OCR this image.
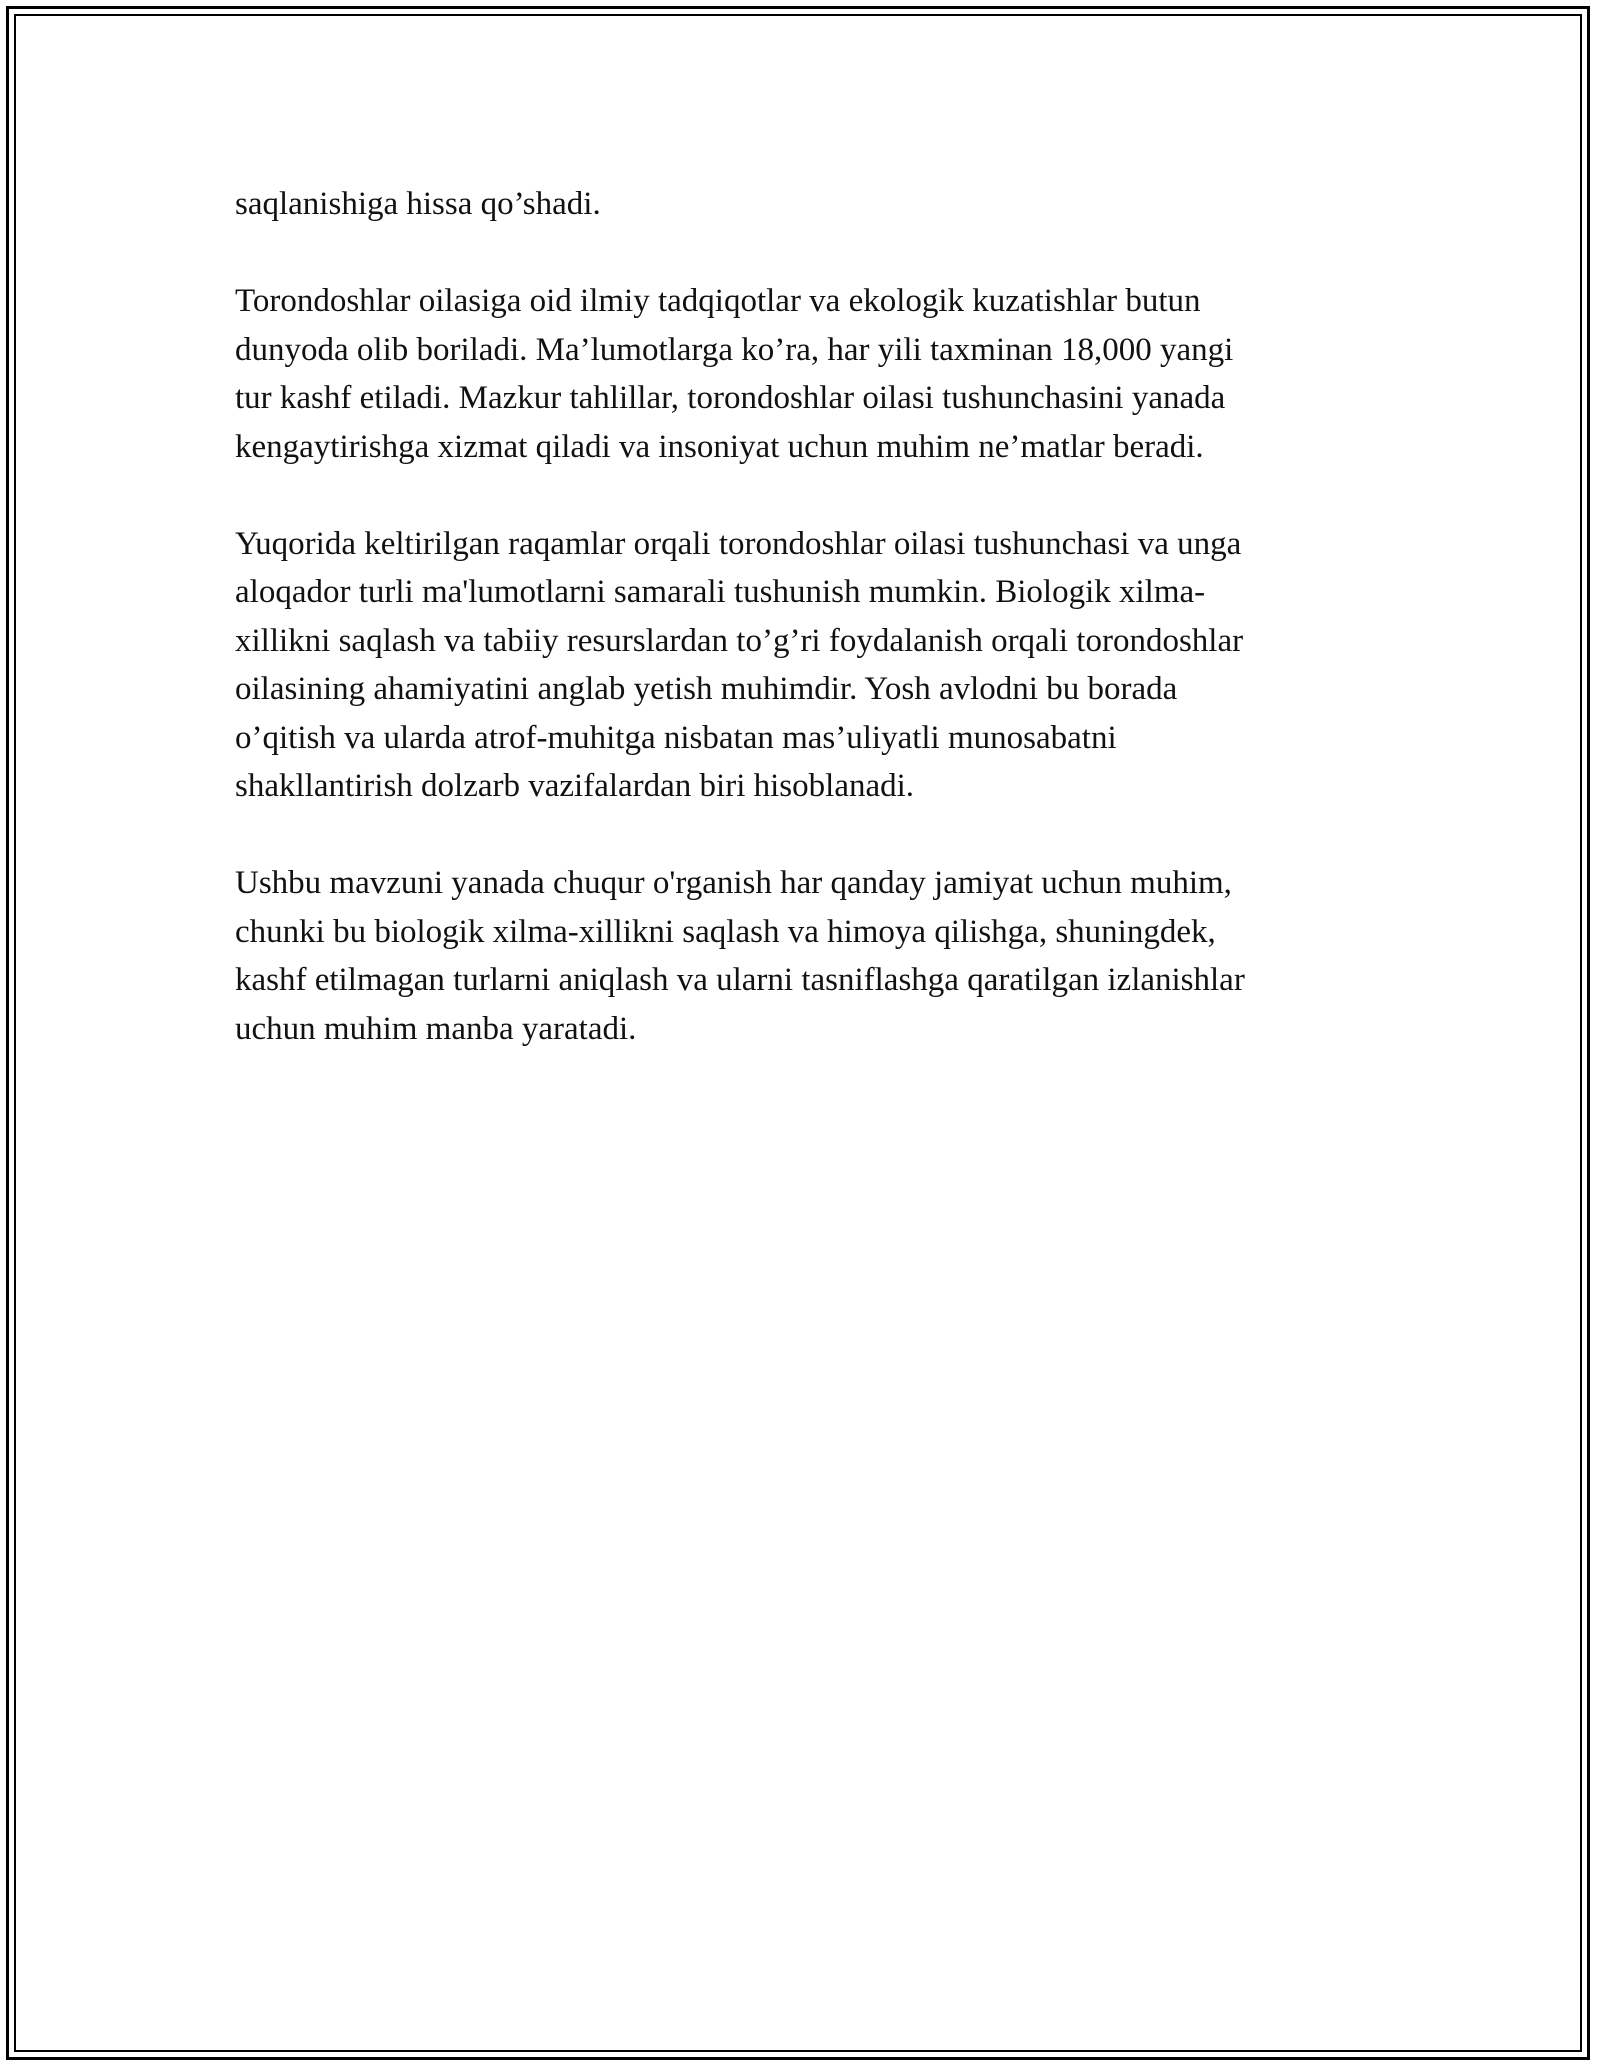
saqlanishiga hissa qo’shadi.

Torondoshlar oilasiga oid ilmiy tadqiqotlar va ekologik kuzatishlar butun
dunyoda olib boriladi. Ma’lumotlarga ko’ra, har yili taxminan 18,000 yangi
tur kashf etiladi. Mazkur tahlillar, torondoshlar oilasi tushunchasini yanada
kengaytirishga xizmat qiladi va insoniyat uchun muhim ne’matlar beradi.

Yuqorida keltirilgan raqamlar orqali torondoshlar oilasi tushunchasi va unga
aloqador turli ma'lumotlarni samarali tushunish mumkin. Biologik xilma-
xillikni saqlash va tabiiy resurslardan to’g’ri foydalanish orqali torondoshlar
oilasining ahamiyatini anglab yetish muhimdir. Yosh avlodni bu borada
o’qitish va ularda atrof-muhitga nisbatan mas’uliyatli munosabatni
shakllantirish dolzarb vazifalardan biri hisoblanadi.

Ushbu mavzuni yanada chuqur o'rganish har qanday jamiyat uchun muhim,
chunki bu biologik xilma-xillikni saqlash va himoya qilishga, shuningdek,
kashf etilmagan turlarni aniqlash va ularni tasniflashga qaratilgan izlanishlar
uchun muhim manba yaratadi.
